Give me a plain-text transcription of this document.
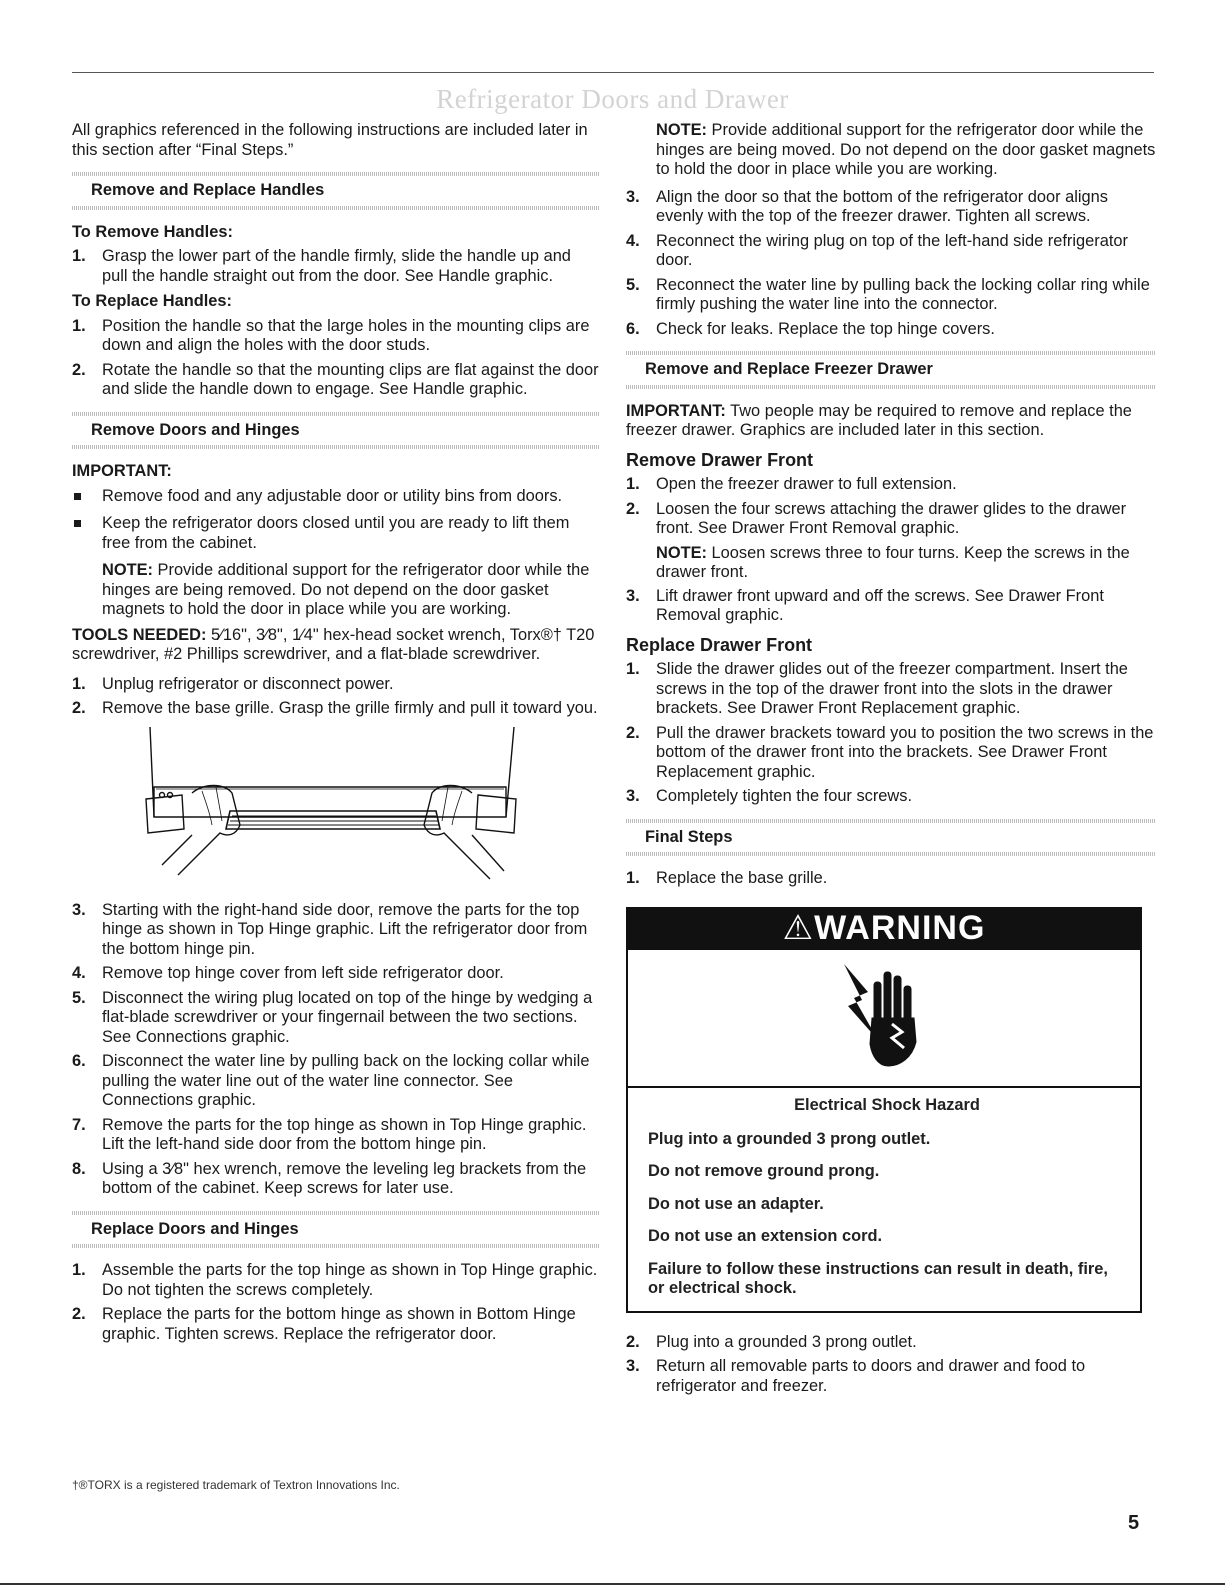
Refrigerator Doors and Drawer

All graphics referenced in the following instructions are included later in this section after “Final Steps.”

Remove and Replace Handles
To Remove Handles:
1. Grasp the lower part of the handle firmly, slide the handle up and pull the handle straight out from the door. See Handle graphic.
To Replace Handles:
1. Position the handle so that the large holes in the mounting clips are down and align the holes with the door studs.
2. Rotate the handle so that the mounting clips are flat against the door and slide the handle down to engage. See Handle graphic.
Remove Doors and Hinges
IMPORTANT:
Remove food and any adjustable door or utility bins from doors.
Keep the refrigerator doors closed until you are ready to lift them free from the cabinet.

NOTE: Provide additional support for the refrigerator door while the hinges are being removed. Do not depend on the door gasket magnets to hold the door in place while you are working.

TOOLS NEEDED: 5⁄16", 3⁄8", 1⁄4" hex-head socket wrench, Torx®† T20 screwdriver, #2 Phillips screwdriver, and a flat-blade screwdriver.

1. Unplug refrigerator or disconnect power.
2. Remove the base grille. Grasp the grille firmly and pull it toward you.
3. Starting with the right-hand side door, remove the parts for the top hinge as shown in Top Hinge graphic. Lift the refrigerator door from the bottom hinge pin.
4. Remove top hinge cover from left side refrigerator door.
5. Disconnect the wiring plug located on top of the hinge by wedging a flat-blade screwdriver or your fingernail between the two sections. See Connections graphic.
6. Disconnect the water line by pulling back on the locking collar while pulling the water line out of the water line connector. See Connections graphic.
7. Remove the parts for the top hinge as shown in Top Hinge graphic. Lift the left-hand side door from the bottom hinge pin.
8. Using a 3⁄8" hex wrench, remove the leveling leg brackets from the bottom of the cabinet. Keep screws for later use.
Replace Doors and Hinges
1. Assemble the parts for the top hinge as shown in Top Hinge graphic. Do not tighten the screws completely.
2. Replace the parts for the bottom hinge as shown in Bottom Hinge graphic. Tighten screws. Replace the refrigerator door.

NOTE: Provide additional support for the refrigerator door while the hinges are being moved. Do not depend on the door gasket magnets to hold the door in place while you are working.

3. Align the door so that the bottom of the refrigerator door aligns evenly with the top of the freezer drawer. Tighten all screws.
4. Reconnect the wiring plug on top of the left-hand side refrigerator door.
5. Reconnect the water line by pulling back the locking collar ring while firmly pushing the water line into the connector.
6. Check for leaks. Replace the top hinge covers.
Remove and Replace Freezer Drawer

IMPORTANT: Two people may be required to remove and replace the freezer drawer. Graphics are included later in this section.

Remove Drawer Front
1. Open the freezer drawer to full extension.
2. Loosen the four screws attaching the drawer glides to the drawer front. See Drawer Front Removal graphic.

NOTE: Loosen screws three to four turns. Keep the screws in the drawer front.

3. Lift drawer front upward and off the screws. See Drawer Front Removal graphic.
Replace Drawer Front
1. Slide the drawer glides out of the freezer compartment. Insert the screws in the top of the drawer front into the slots in the drawer brackets. See Drawer Front Replacement graphic.
2. Pull the drawer brackets toward you to position the two screws in the bottom of the drawer front into the brackets. See Drawer Front Replacement graphic.
3. Completely tighten the four screws.
Final Steps
1. Replace the base grille.
⚠WARNING
Electrical Shock Hazard

Plug into a grounded 3 prong outlet.

Do not remove ground prong.

Do not use an adapter.

Do not use an extension cord.

Failure to follow these instructions can result in death, fire, or electrical shock.

2. Plug into a grounded 3 prong outlet.
3. Return all removable parts to doors and drawer and food to refrigerator and freezer.
†®TORX is a registered trademark of Textron Innovations Inc.
5
